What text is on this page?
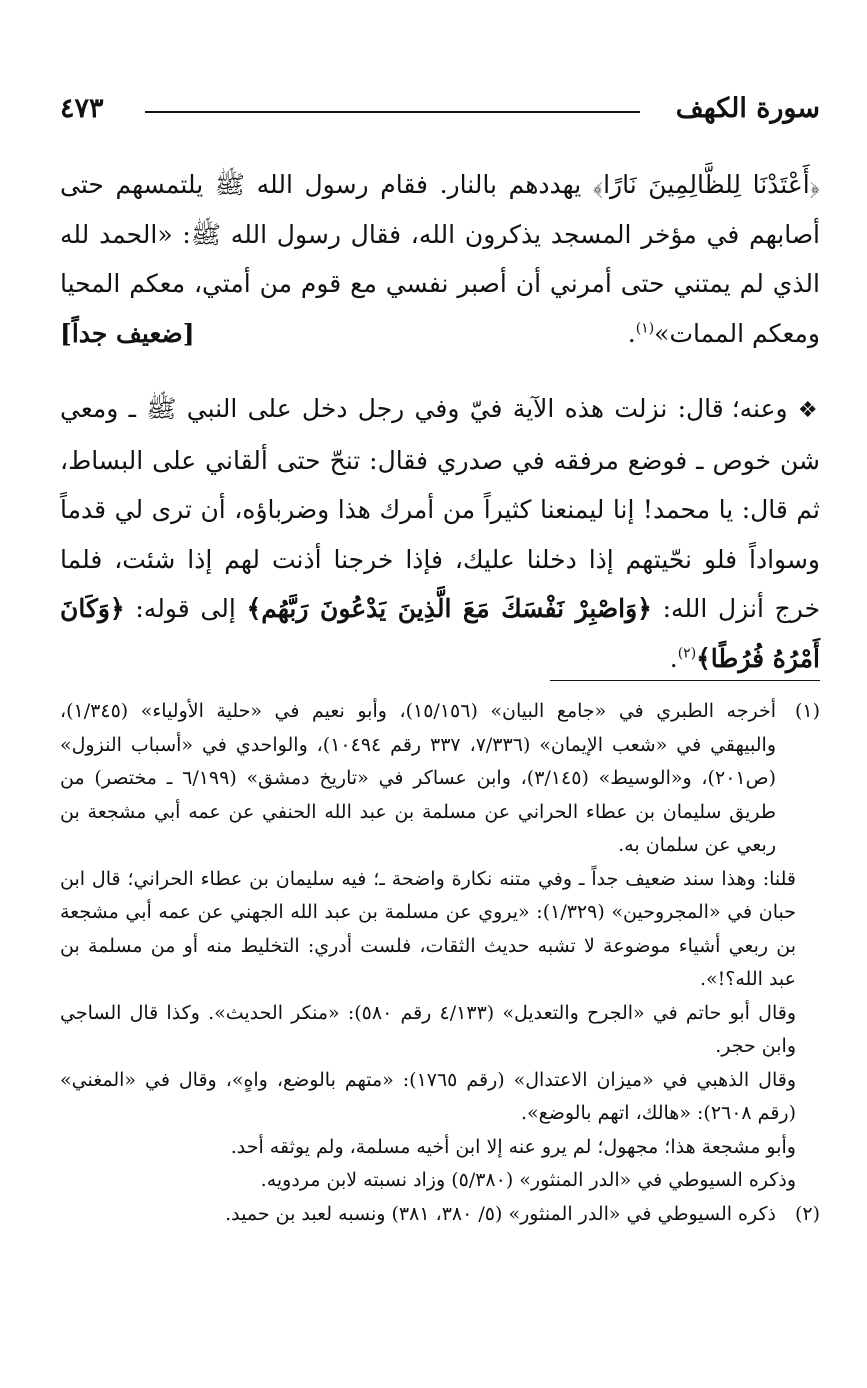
سورة الكهف
٤٧٣

﴿أَعْتَدْنَا لِلظَّالِمِينَ نَارًا﴾ يهددهم بالنار. فقام رسول الله ﷺ يلتمسهم حتى أصابهم في مؤخر المسجد يذكرون الله، فقال رسول الله ﷺ: «الحمد لله الذي لم يمتني حتى أمرني أن أصبر نفسي مع قوم من أمتي، معكم المحيا ومعكم الممات»$^{(١)}$.
[ضعيف جداً]

❖ وعنه؛ قال: نزلت هذه الآية فيّ وفي رجل دخل على النبي ﷺ ـ ومعي شن خوص ـ فوضع مرفقه في صدري فقال: تنحّ حتى ألقاني على البساط، ثم قال: يا محمد! إنا ليمنعنا كثيراً من أمرك هذا وضرباؤه، أن ترى لي قدماً وسواداً فلو نحّيتهم إذا دخلنا عليك، فإذا خرجنا أذنت لهم إذا شئت، فلما خرج أنزل الله: ﴿وَاصْبِرْ نَفْسَكَ مَعَ الَّذِينَ يَدْعُونَ رَبَّهُم﴾ إلى قوله: ﴿وَكَانَ أَمْرُهُ فُرُطًا﴾$^{(٢)}$.

(١)
أخرجه الطبري في «جامع البيان» (١٥/١٥٦)، وأبو نعيم في «حلية الأولياء» (١/٣٤٥)، والبيهقي في «شعب الإيمان» (٧/٣٣٦، ٣٣٧ رقم ١٠٤٩٤)، والواحدي في «أسباب النزول» (ص٢٠١)، و«الوسيط» (٣/١٤٥)، وابن عساكر في «تاريخ دمشق» (٦/١٩٩ ـ مختصر) من طريق سليمان بن عطاء الحراني عن مسلمة بن عبد الله الحنفي عن عمه أبي مشجعة بن ربعي عن سلمان به.

قلنا: وهذا سند ضعيف جداً ـ وفي متنه نكارة واضحة ـ؛ فيه سليمان بن عطاء الحراني؛ قال ابن حبان في «المجروحين» (١/٣٢٩): «يروي عن مسلمة بن عبد الله الجهني عن عمه أبي مشجعة بن ربعي أشياء موضوعة لا تشبه حديث الثقات، فلست أدري: التخليط منه أو من مسلمة بن عبد الله؟!».

وقال أبو حاتم في «الجرح والتعديل» (٤/١٣٣ رقم ٥٨٠): «منكر الحديث». وكذا قال الساجي وابن حجر.

وقال الذهبي في «ميزان الاعتدال» (رقم ١٧٦٥): «متهم بالوضع، واهٍ»، وقال في «المغني» (رقم ٢٦٠٨): «هالك، اتهم بالوضع».

وأبو مشجعة هذا؛ مجهول؛ لم يرو عنه إلا ابن أخيه مسلمة، ولم يوثقه أحد.

وذكره السيوطي في «الدر المنثور» (٥/٣٨٠) وزاد نسبته لابن مردويه.

(٢)
ذكره السيوطي في «الدر المنثور» (٥/ ٣٨٠، ٣٨١) ونسبه لعبد بن حميد.
